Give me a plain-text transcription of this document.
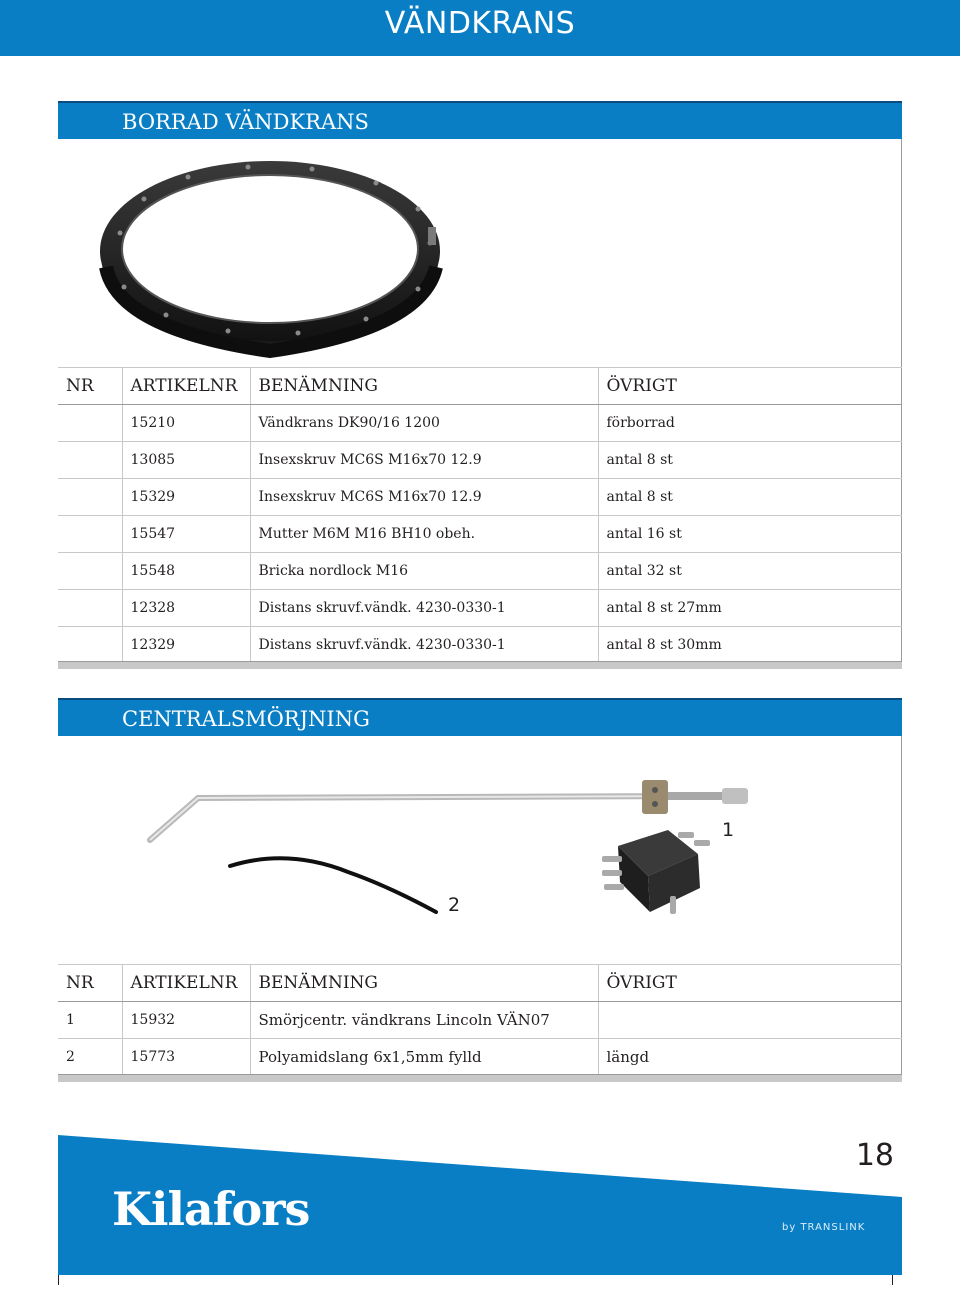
VÄNDKRANS
BORRAD VÄNDKRANS
NR	ARTIKELNR	BENÄMNING	ÖVRIGT
	15210	Vändkrans DK90/16 1200	förborrad
	13085	Insexskruv MC6S M16x70 12.9	antal 8 st
	15329	Insexskruv MC6S M16x70 12.9	antal 8 st
	15547	Mutter M6M M16 BH10 obeh.	antal 16 st
	15548	Bricka nordlock M16	antal 32 st
	12328	Distans skruvf.vändk. 4230-0330-1	antal 8 st 27mm
	12329	Distans skruvf.vändk. 4230-0330-1	antal 8 st 30mm
CENTRALSMÖRJNING
1
2
NR	ARTIKELNR	BENÄMNING	ÖVRIGT
1	15932	Smörjcentr. vändkrans Lincoln VÄN07	
2	15773	Polyamidslang 6x1,5mm fylld	längd
18
Kilafors	by TRANSLINK
